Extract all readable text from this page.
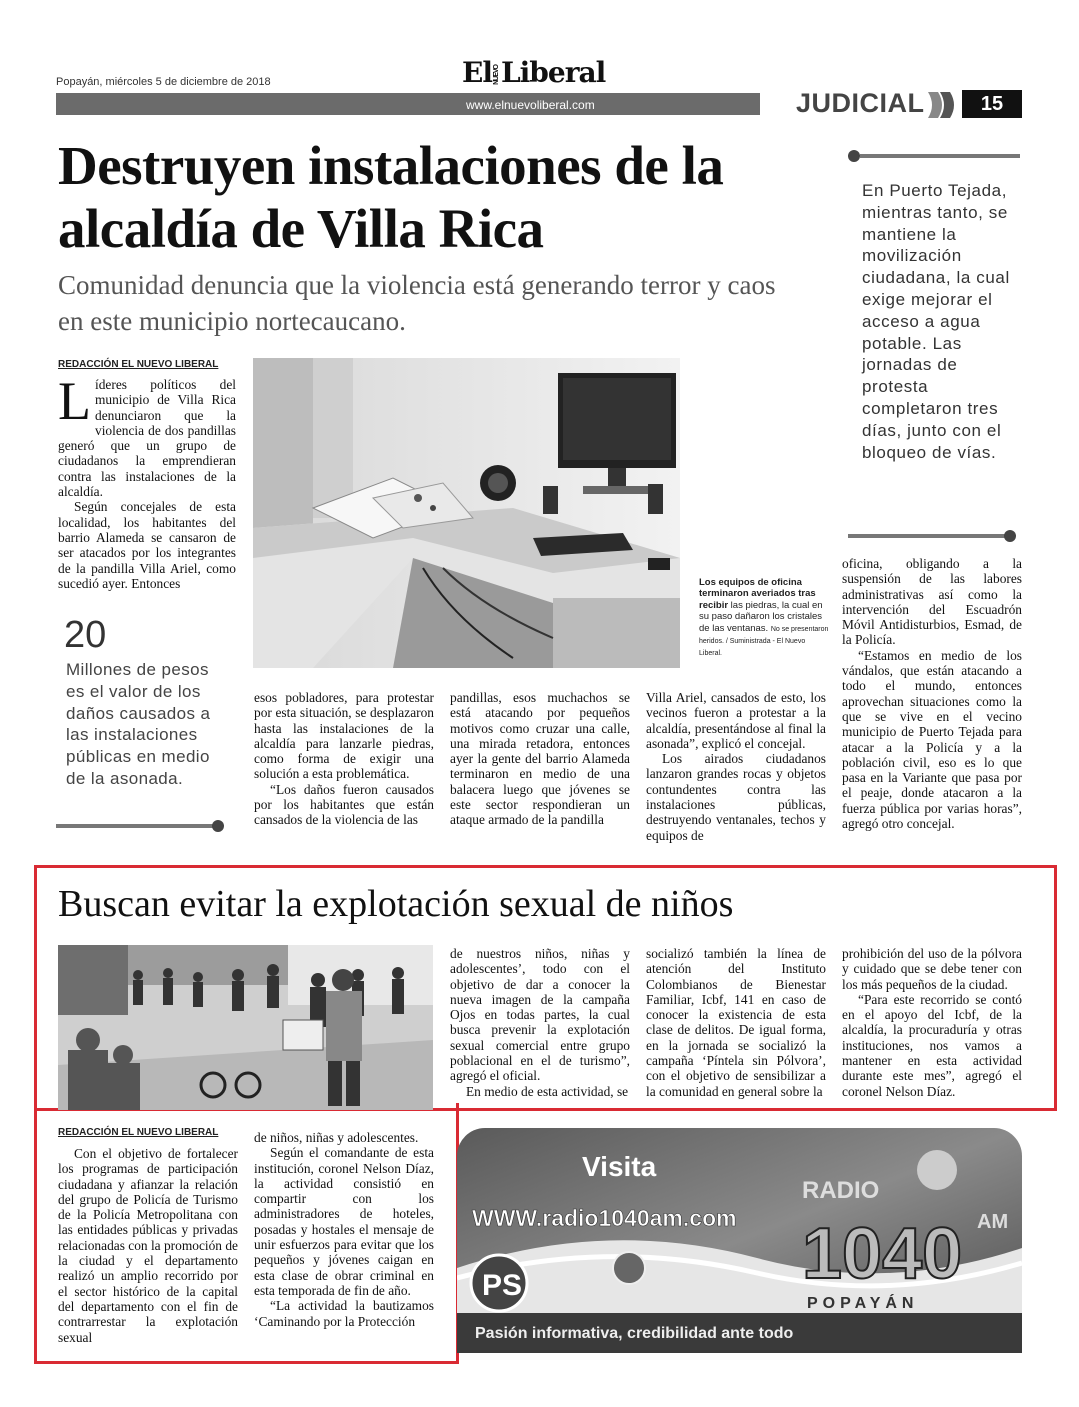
Popayán, miércoles 5 de diciembre de 2018	ElNUEVOLiberal
www.elnuevoliberal.com	JUDICIAL	15
Destruyen instalaciones de la alcaldía de Villa Rica
Comunidad denuncia que la violencia está generando terror y caos en este municipio nortecaucano.
En Puerto Tejada, mientras tanto, se mantiene la movilización ciudadana, la cual exige mejorar el acceso a agua potable. Las jornadas de protesta completaron tres días, junto con el bloqueo de vías.
REDACCIÓN EL NUEVO LIBERAL
L íderes políticos del municipio de Villa Rica denunciaron que la violencia de dos pandillas generó que un grupo de ciudadanos la emprendieran contra las instalaciones de la alcaldía.

Según concejales de esta localidad, los habitantes del barrio Alameda se cansaron de ser atacados por los integrantes de la pandilla Villa Ariel, como sucedió ayer. Entonces	Los equipos de oficina terminaron averiados tras recibir las piedras, la cual en su paso dañaron los cristales de las ventanas. No se presentaron heridos. / Suministrada - El Nuevo Liberal.
20
Millones de pesos es el valor de los daños causados a las instalaciones públicas en medio de la asonada.

esos pobladores, para protestar por esta situación, se desplazaron hasta las instalaciones de la alcaldía para lanzarle piedras, como forma de exigir una solución a esta problemática.

“Los daños fueron causados por los habitantes que están cansados de la violencia de las

pandillas, esos muchachos se está atacando por pequeños motivos como cruzar una calle, una mirada retadora, entonces ayer la gente del barrio Alameda terminaron en medio de una balacera luego que jóvenes se este sector respondieran un ataque armado de la pandilla

Villa Ariel, cansados de esto, los vecinos fueron a protestar a la alcaldía, presentándose al final la asonada”, explicó el concejal.

Los airados ciudadanos lanzaron grandes rocas y objetos contundentes contra las instalaciones públicas, destruyendo ventanales, techos y equipos de

oficina, obligando a la suspensión de las labores administrativas así como la intervención del Escuadrón Móvil Antidisturbios, Esmad, de la Policía.

“Estamos en medio de los vándalos, que están atacando a todo el mundo, entonces aprovechan situaciones como la que se vive en el vecino municipio de Puerto Tejada para atacar a la Policía y a la población civil, eso es lo que pasa en la Variante que pasa por el peaje, donde atacaron a la fuerza pública por varias horas”, agregó otro concejal.

Buscan evitar la explotación sexual de niños
REDACCIÓN EL NUEVO LIBERAL

Con el objetivo de fortalecer los programas de participación ciudadana y afianzar la relación del grupo de Policía de Turismo de la Policía Metropolitana con las entidades públicas y privadas relacionadas con la promoción de la ciudad y el departamento realizó un amplio recorrido por el sector histórico de la capital del departamento con el fin de contrarrestar la explotación sexual

de niños, niñas y adolescentes.

Según el comandante de esta institución, coronel Nelson Díaz, la actividad consistió en compartir con los administradores de hoteles, posadas y hostales el mensaje de unir esfuerzos para evitar que los pequeños y jóvenes caigan en esta clase de obrar criminal en esta temporada de fin de año.

“La actividad la bautizamos ‘Caminando por la Protección

de nuestros niños, niñas y adolescentes’, todo con el objetivo de dar a conocer la nueva imagen de la campaña Ojos en todas partes, la cual busca prevenir la explotación sexual comercial entre grupo poblacional en el de turismo”, agregó el oficial.

En medio de esta actividad, se

socializó también la línea de atención del Instituto Colombianos de Bienestar Familiar, Icbf, 141 en caso de conocer la existencia de esta clase de delitos. De igual forma, en la jornada se socializó la campaña ‘Píntela sin Pólvora’, con el objetivo de sensibilizar a la comunidad en general sobre la

prohibición del uso de la pólvora y cuidado que se debe tener con los más pequeños de la ciudad.

“Para este recorrido se contó en el apoyo del Icbf, de la alcaldía, la procuraduría y otras instituciones, nos vamos a mantener en esta actividad durante este mes”, agregó el coronel Nelson Díaz.

Visita
WWW.radio1040am.com
RADIO
1040 AM
POPAYÁN
PS
Pasión informativa, credibilidad ante todo
